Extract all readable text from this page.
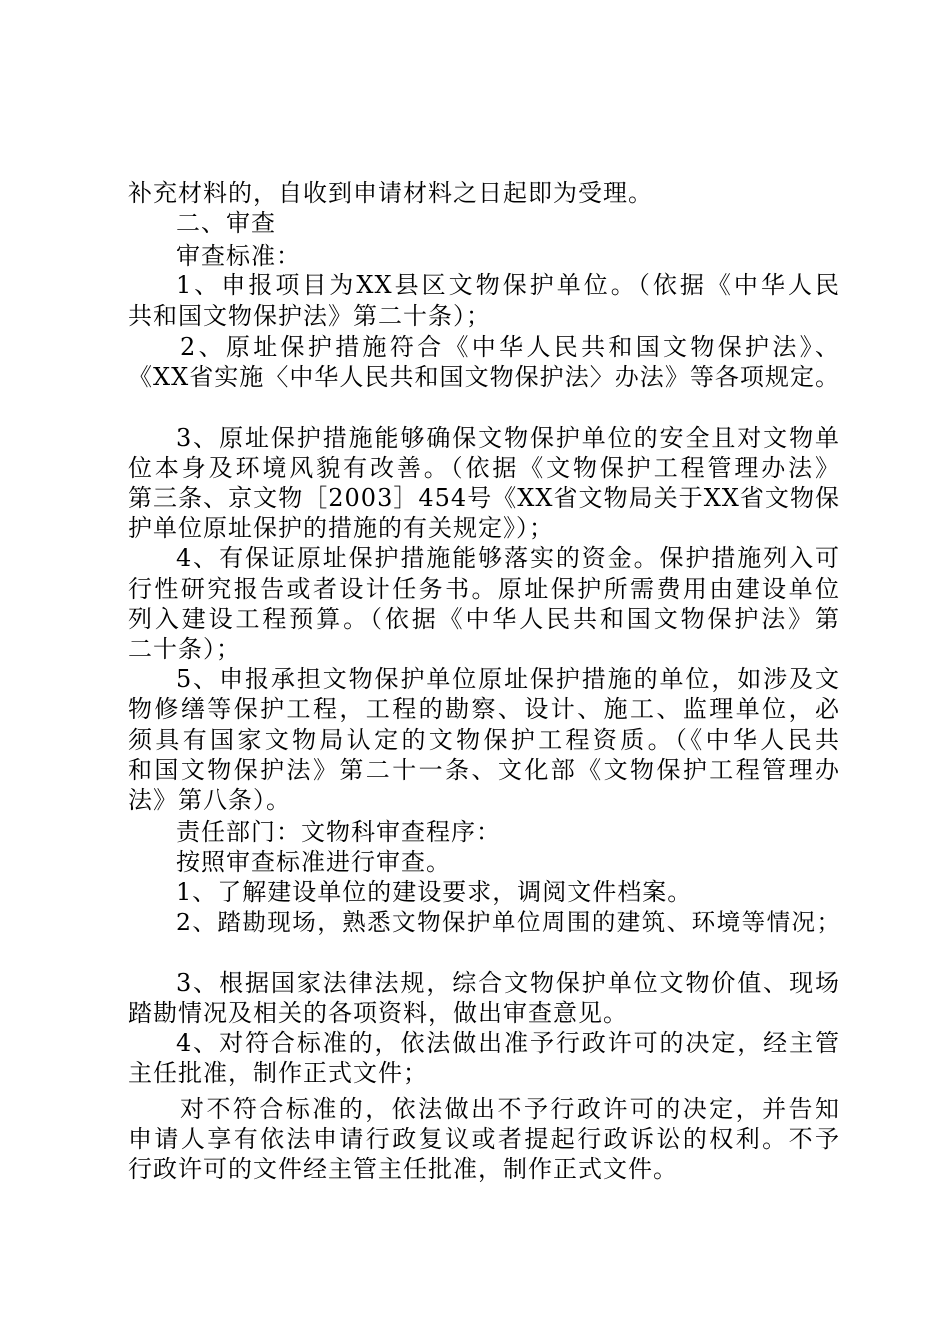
补充材料的，自收到申请材料之日起即为受理。
二、审查
审查标准：
1、申报项目为XX县区文物保护单位。（依据《中华人民
共和国文物保护法》第二十条）；
2、原址保护措施符合《中华人民共和国文物保护法》、
《XX省实施〈中华人民共和国文物保护法〉办法》等各项规定。
3、原址保护措施能够确保文物保护单位的安全且对文物单
位本身及环境风貌有改善。（依据《文物保护工程管理办法》
第三条、京文物［2003］454号《XX省文物局关于XX省文物保
护单位原址保护的措施的有关规定》）；
4、有保证原址保护措施能够落实的资金。保护措施列入可
行性研究报告或者设计任务书。原址保护所需费用由建设单位
列入建设工程预算。（依据《中华人民共和国文物保护法》第
二十条）；
5、申报承担文物保护单位原址保护措施的单位，如涉及文
物修缮等保护工程，工程的勘察、设计、施工、监理单位，必
须具有国家文物局认定的文物保护工程资质。（《中华人民共
和国文物保护法》第二十一条、文化部《文物保护工程管理办
法》第八条）。
责任部门：文物科审查程序：
按照审查标准进行审查。
1、了解建设单位的建设要求，调阅文件档案。
2、踏勘现场，熟悉文物保护单位周围的建筑、环境等情况；
3、根据国家法律法规，综合文物保护单位文物价值、现场
踏勘情况及相关的各项资料，做出审查意见。
4、对符合标准的，依法做出准予行政许可的决定，经主管
主任批准，制作正式文件；
对不符合标准的，依法做出不予行政许可的决定，并告知
申请人享有依法申请行政复议或者提起行政诉讼的权利。不予
行政许可的文件经主管主任批准，制作正式文件。
